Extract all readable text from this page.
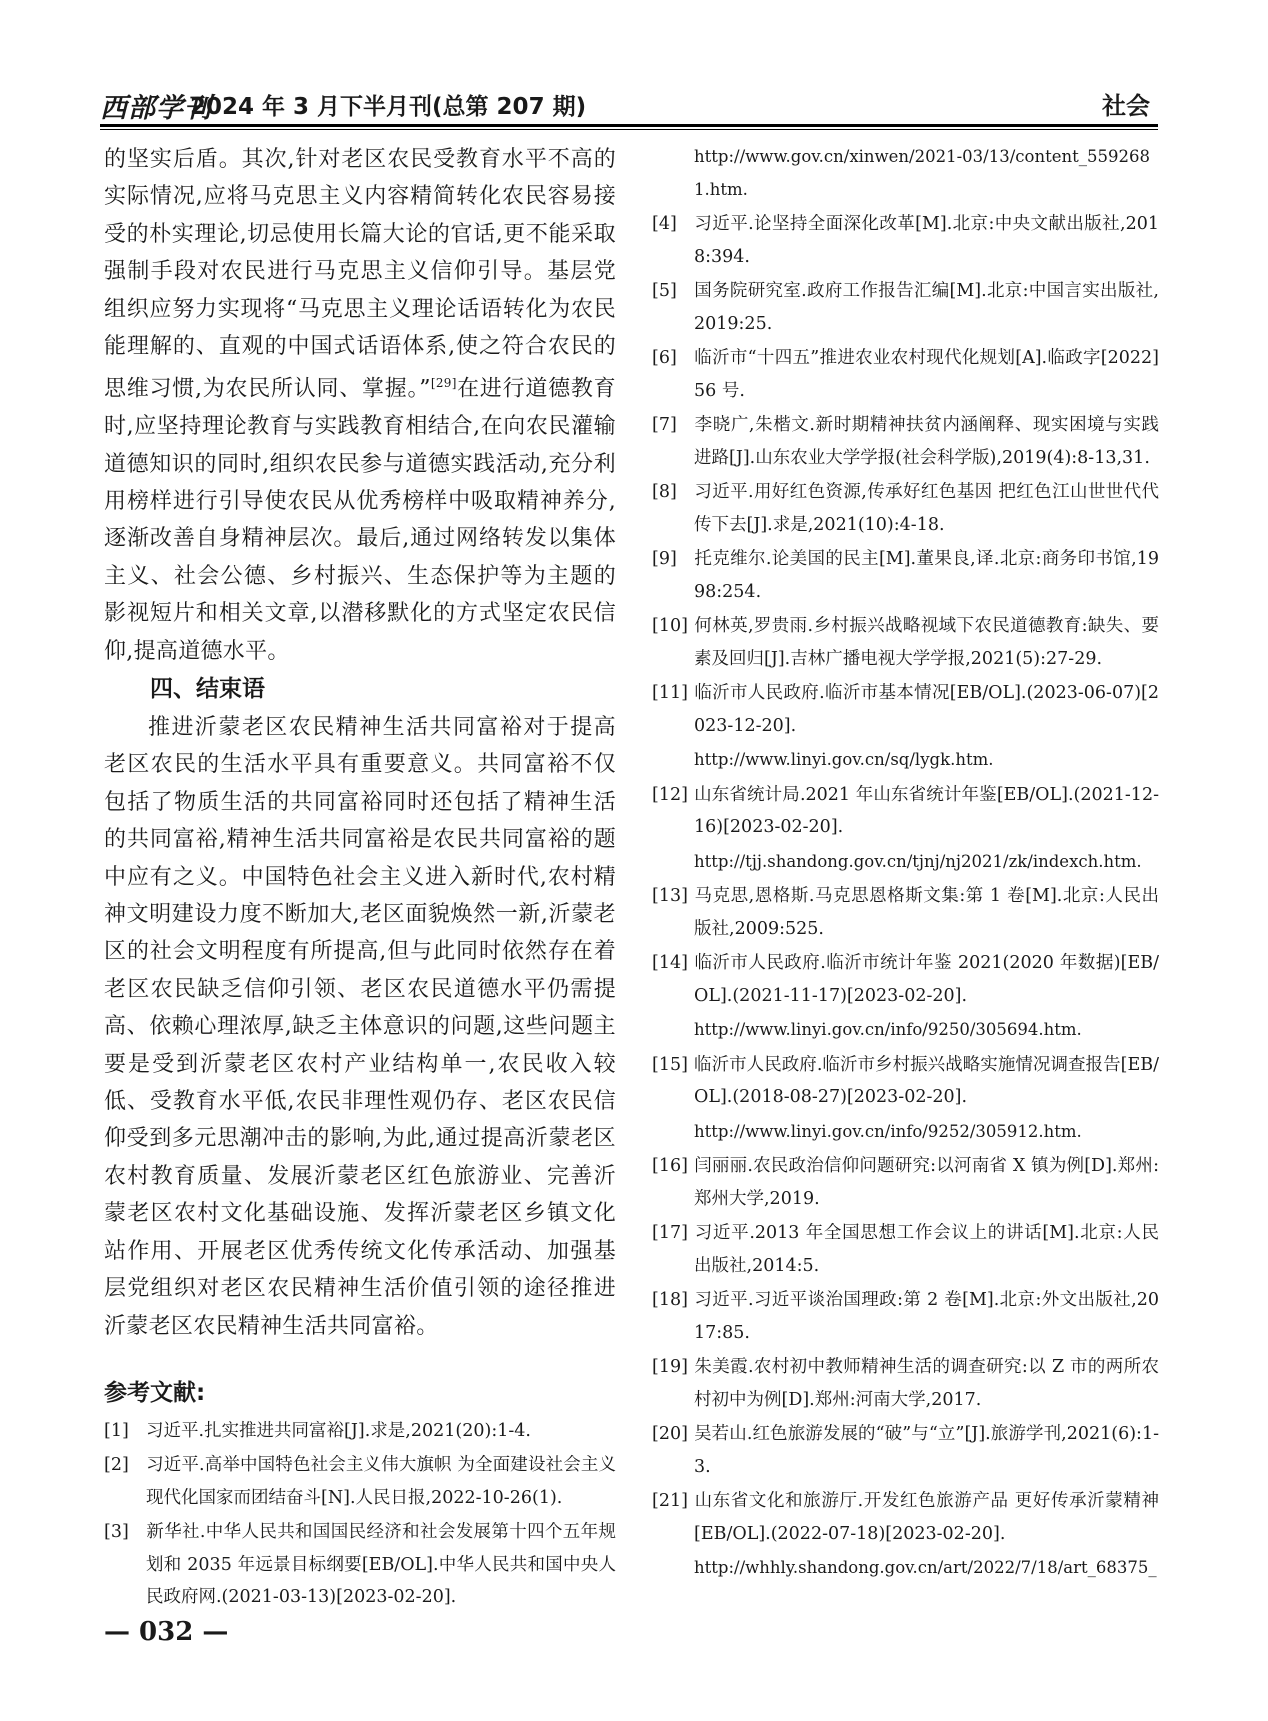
西部学刊
2024 年 3 月下半月刊(总第 207 期)	社会

的坚实后盾。其次,针对老区农民受教育水平不高的实际情况,应将马克思主义内容精简转化农民容易接受的朴实理论,切忌使用长篇大论的官话,更不能采取强制手段对农民进行马克思主义信仰引导。基层党组织应努力实现将“马克思主义理论话语转化为农民能理解的、直观的中国式话语体系,使之符合农民的思维习惯,为农民所认同、掌握。”[29]在进行道德教育时,应坚持理论教育与实践教育相结合,在向农民灌输道德知识的同时,组织农民参与道德实践活动,充分利用榜样进行引导使农民从优秀榜样中吸取精神养分,逐渐改善自身精神层次。最后,通过网络转发以集体主义、社会公德、乡村振兴、生态保护等为主题的影视短片和相关文章,以潜移默化的方式坚定农民信仰,提高道德水平。

四、结束语

推进沂蒙老区农民精神生活共同富裕对于提高老区农民的生活水平具有重要意义。共同富裕不仅包括了物质生活的共同富裕同时还包括了精神生活的共同富裕,精神生活共同富裕是农民共同富裕的题中应有之义。中国特色社会主义进入新时代,农村精神文明建设力度不断加大,老区面貌焕然一新,沂蒙老区的社会文明程度有所提高,但与此同时依然存在着老区农民缺乏信仰引领、老区农民道德水平仍需提高、依赖心理浓厚,缺乏主体意识的问题,这些问题主要是受到沂蒙老区农村产业结构单一,农民收入较低、受教育水平低,农民非理性观仍存、老区农民信仰受到多元思潮冲击的影响,为此,通过提高沂蒙老区农村教育质量、发展沂蒙老区红色旅游业、完善沂蒙老区农村文化基础设施、发挥沂蒙老区乡镇文化站作用、开展老区优秀传统文化传承活动、加强基层党组织对老区农民精神生活价值引领的途径推进沂蒙老区农民精神生活共同富裕。

参考文献:
[1] 习近平.扎实推进共同富裕[J].求是,2021(20):1-4.
[2] 习近平.高举中国特色社会主义伟大旗帜 为全面建设社会主义现代化国家而团结奋斗[N].人民日报,2022-10-26(1).
[3] 新华社.中华人民共和国国民经济和社会发展第十四个五年规划和 2035 年远景目标纲要[EB/OL].中华人民共和国中央人民政府网.(2021-03-13)[2023-02-20].
http://www.gov.cn/xinwen/2021-03/13/content_5592681.htm.
[4] 习近平.论坚持全面深化改革[M].北京:中央文献出版社,2018:394.
[5] 国务院研究室.政府工作报告汇编[M].北京:中国言实出版社,2019:25.
[6] 临沂市“十四五”推进农业农村现代化规划[A].临政字[2022]56 号.
[7] 李晓广,朱楷文.新时期精神扶贫内涵阐释、现实困境与实践进路[J].山东农业大学学报(社会科学版),2019(4):8-13,31.
[8] 习近平.用好红色资源,传承好红色基因 把红色江山世世代代传下去[J].求是,2021(10):4-18.
[9] 托克维尔.论美国的民主[M].董果良,译.北京:商务印书馆,1998:254.
[10] 何林英,罗贵雨.乡村振兴战略视域下农民道德教育:缺失、要素及回归[J].吉林广播电视大学学报,2021(5):27-29.
[11] 临沂市人民政府.临沂市基本情况[EB/OL].(2023-06-07)[2023-12-20].
http://www.linyi.gov.cn/sq/lygk.htm.
[12] 山东省统计局.2021 年山东省统计年鉴[EB/OL].(2021-12-16)[2023-02-20].
http://tjj.shandong.gov.cn/tjnj/nj2021/zk/indexch.htm.
[13] 马克思,恩格斯.马克思恩格斯文集:第 1 卷[M].北京:人民出版社,2009:525.
[14] 临沂市人民政府.临沂市统计年鉴 2021(2020 年数据)[EB/OL].(2021-11-17)[2023-02-20].
http://www.linyi.gov.cn/info/9250/305694.htm.
[15] 临沂市人民政府.临沂市乡村振兴战略实施情况调查报告[EB/OL].(2018-08-27)[2023-02-20].
http://www.linyi.gov.cn/info/9252/305912.htm.
[16] 闫丽丽.农民政治信仰问题研究:以河南省 X 镇为例[D].郑州:郑州大学,2019.
[17] 习近平.2013 年全国思想工作会议上的讲话[M].北京:人民出版社,2014:5.
[18] 习近平.习近平谈治国理政:第 2 卷[M].北京:外文出版社,2017:85.
[19] 朱美霞.农村初中教师精神生活的调查研究:以 Z 市的两所农村初中为例[D].郑州:河南大学,2017.
[20] 吴若山.红色旅游发展的“破”与“立”[J].旅游学刊,2021(6):1-3.
[21] 山东省文化和旅游厅.开发红色旅游产品 更好传承沂蒙精神[EB/OL].(2022-07-18)[2023-02-20].
http://whhly.shandong.gov.cn/art/2022/7/18/art_68375_
— 032 —
